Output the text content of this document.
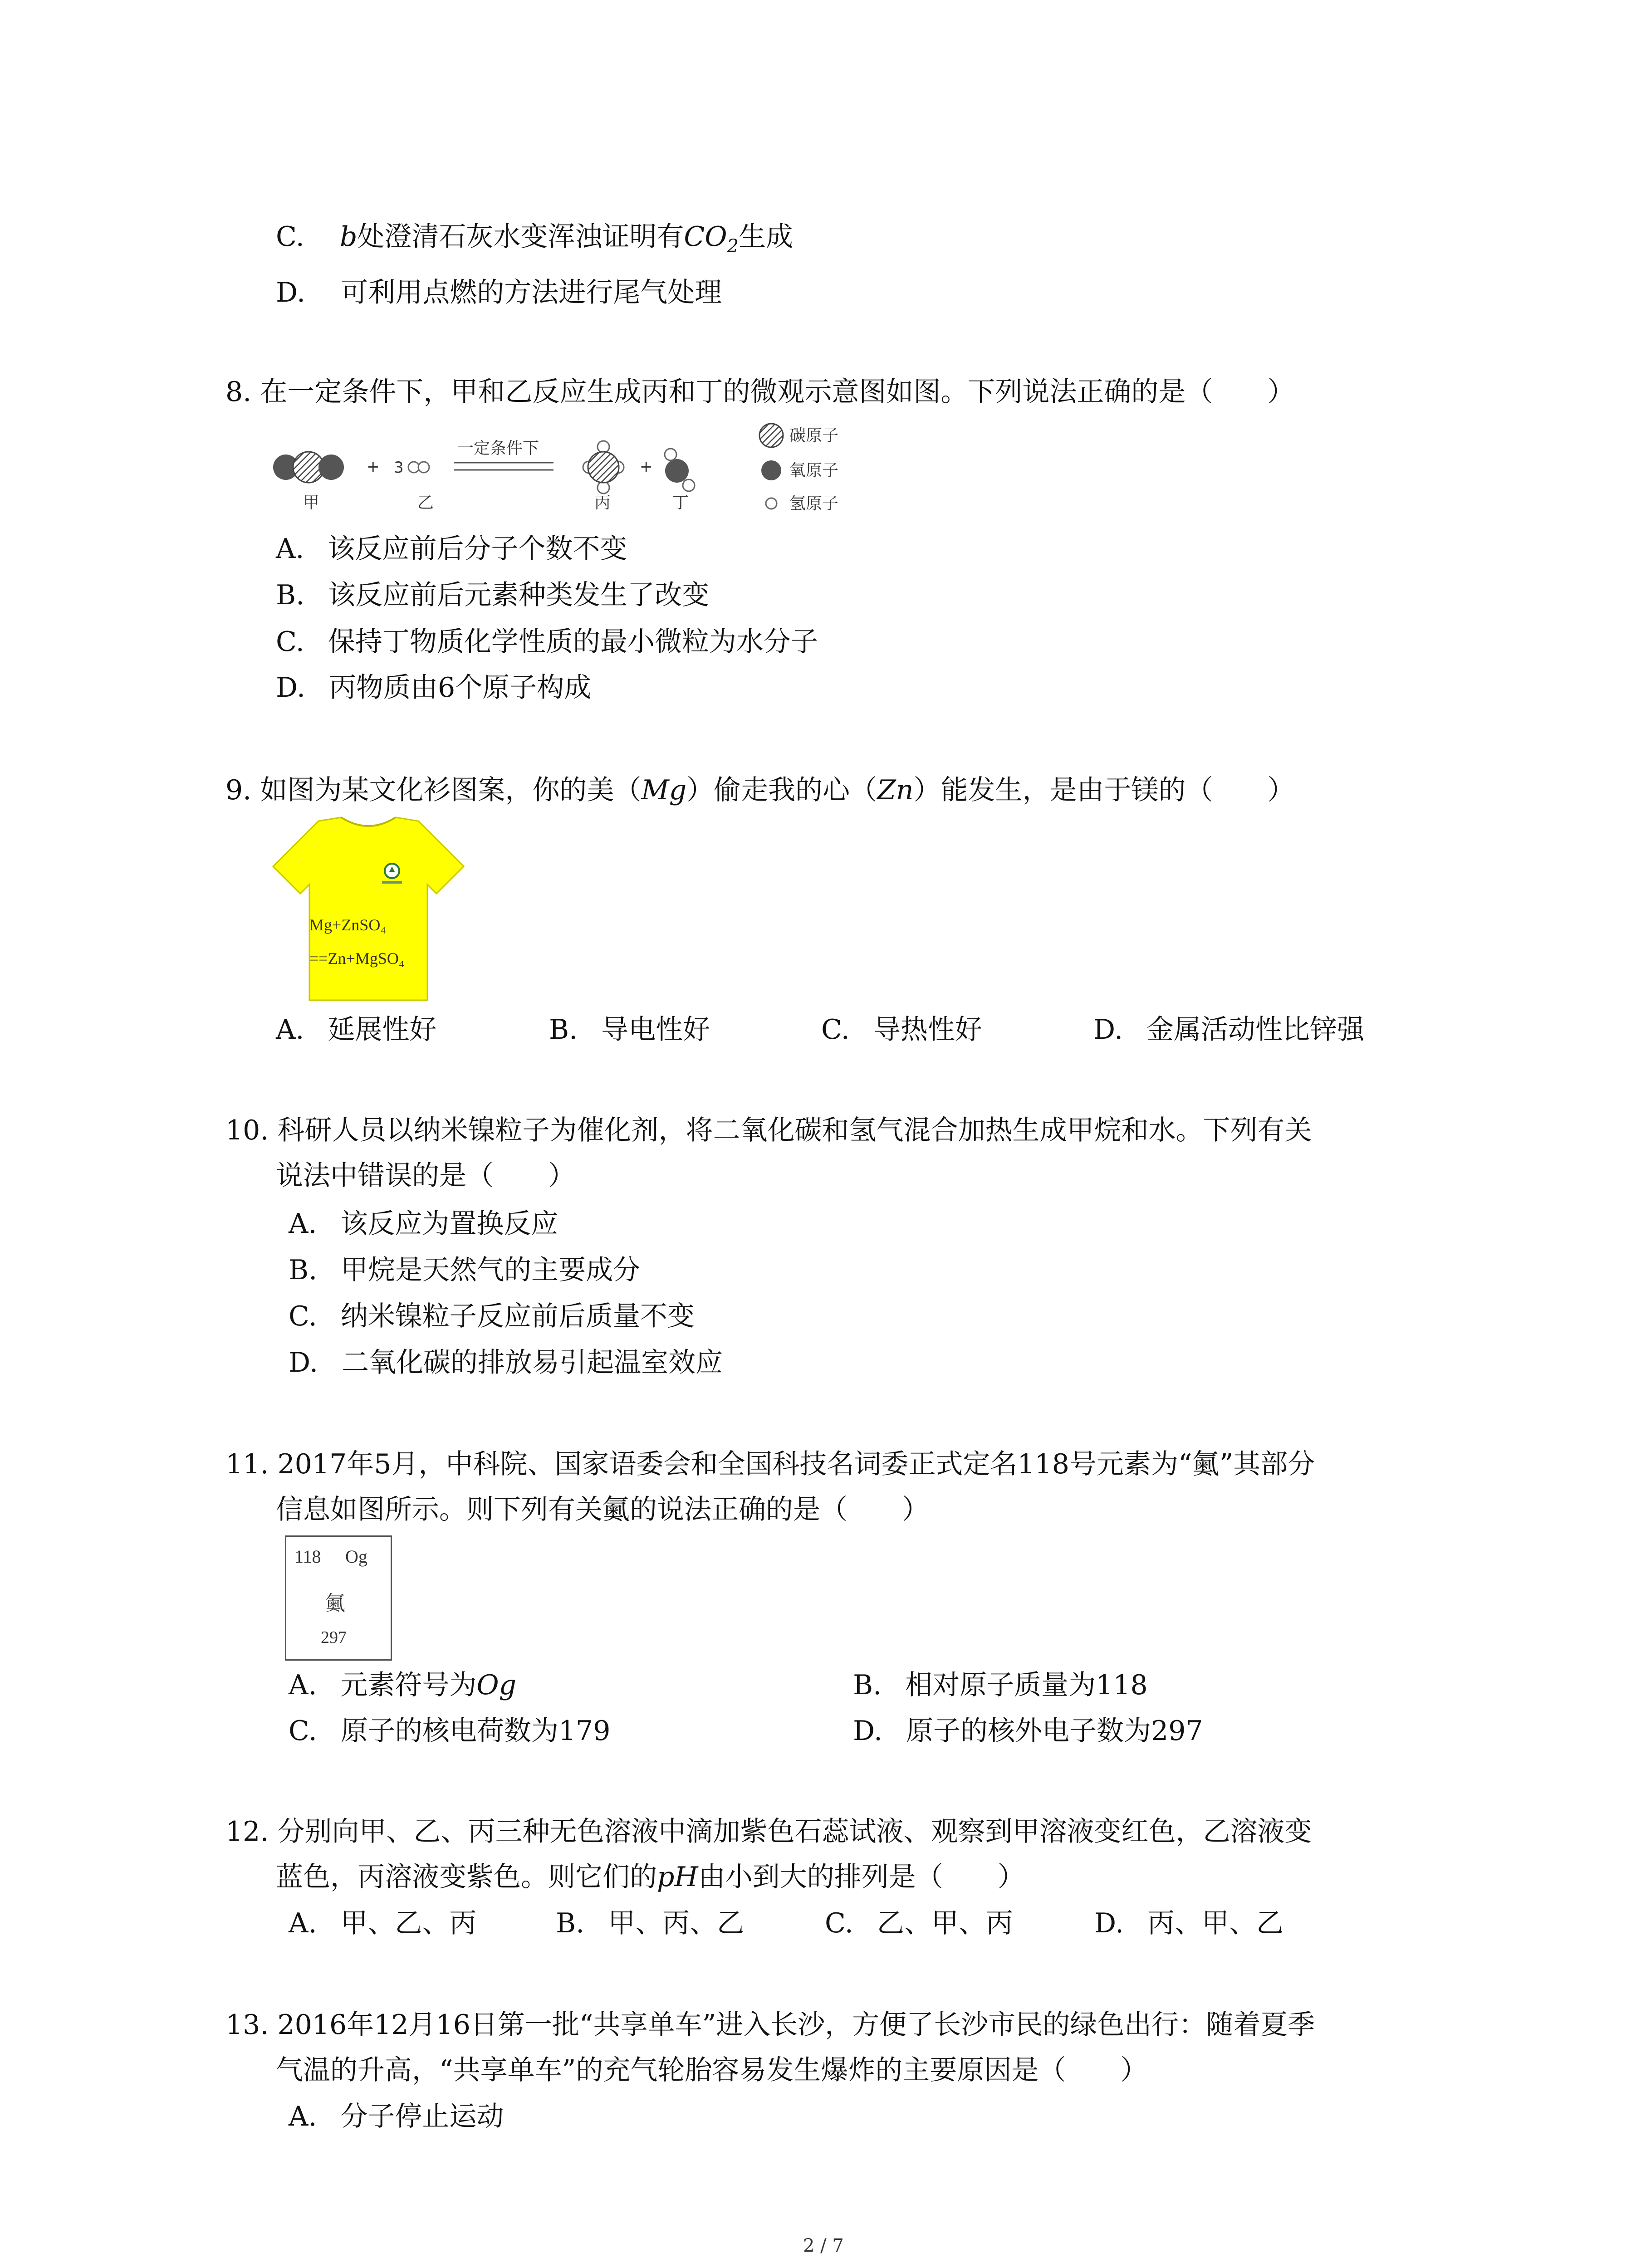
C. b处澄清石灰水变浑浊证明有$CO_2$生成
D. 可利用点燃的方法进行尾气处理
8. 在一定条件下，甲和乙反应生成丙和丁的微观示意图如图。下列说法正确的是（　　）
+ 3
一定条件下
+
甲	乙	丙	丁
碳原子
氧原子
氢原子
A. 该反应前后分子个数不变
B. 该反应前后元素种类发生了改变
C. 保持丁物质化学性质的最小微粒为水分子
D. 丙物质由6个原子构成
9. 如图为某文化衫图案，你的美（Mg）偷走我的心（Zn）能发生，是由于镁的（　　）
Mg+ZnSO₄
==Zn+MgSO₄
A. 延展性好	B. 导电性好	C. 导热性好	D. 金属活动性比锌强
10. 科研人员以纳米镍粒子为催化剂，将二氧化碳和氢气混合加热生成甲烷和水。下列有关
说法中错误的是（　　）
A. 该反应为置换反应
B. 甲烷是天然气的主要成分
C. 纳米镍粒子反应前后质量不变
D. 二氧化碳的排放易引起温室效应
11. 2017年5月，中科院、国家语委会和全国科技名词委正式定名118号元素为“鿫”其部分
信息如图所示。则下列有关鿫的说法正确的是（　　）
118 Og
鿫
297
A. 元素符号为Og	B. 相对原子质量为118
C. 原子的核电荷数为179	D. 原子的核外电子数为297
12. 分别向甲、乙、丙三种无色溶液中滴加紫色石蕊试液、观察到甲溶液变红色，乙溶液变
蓝色，丙溶液变紫色。则它们的pH由小到大的排列是（　　）
A. 甲、乙、丙	B. 甲、丙、乙	C. 乙、甲、丙	D. 丙、甲、乙
13. 2016年12月16日第一批“共享单车”进入长沙，方便了长沙市民的绿色出行：随着夏季
气温的升高，“共享单车”的充气轮胎容易发生爆炸的主要原因是（　　）
A. 分子停止运动
2 / 7
